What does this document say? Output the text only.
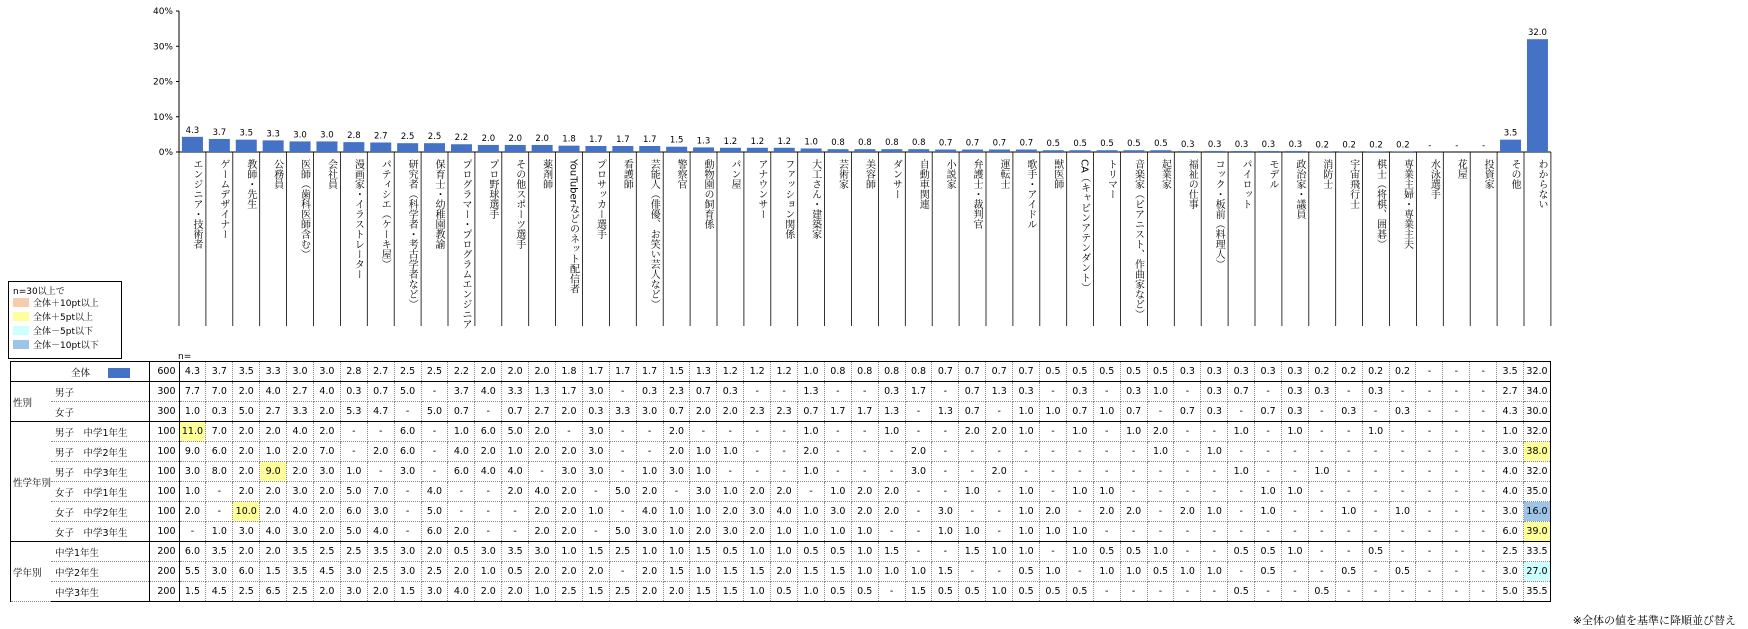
0%
10%
20%
30%
40%
4.3
エンジニア・技術者
3.7
ゲームデザイナー
3.5
教師・先生
3.3
公務員
3.0
医師（歯科医師含む）
3.0
会社員
2.8
漫画家・イラストレーター
2.7
パティシエ（ケーキ屋）
2.5
研究者（科学者・考古学者など）
2.5
保育士・幼稚園教諭
2.2
プログラマー・プログラムエンジニア
2.0
プロ野球選手
2.0
その他スポーツ選手
2.0
薬剤師
1.8
YouTuberなどのネット配信者
1.7
プロサッカー選手
1.7
看護師
1.7
芸能人（俳優、お笑い芸人など）
1.5
警察官
1.3
動物園の飼育係
1.2
パン屋
1.2
アナウンサー
1.2
ファッション関係
1.0
大工さん・建築家
0.8
芸術家
0.8
美容師
0.8
ダンサー
0.8
自動車関連
0.7
小説家
0.7
弁護士・裁判官
0.7
運転士
0.7
歌手・アイドル
0.5
獣医師
0.5
CA（キャビンアテンダント）
0.5
トリマー
0.5
音楽家（ピアニスト、作曲家など）
0.5
起業家
0.3
福祉の仕事
0.3
コック・板前（料理人）
0.3
パイロット
0.3
モデル
0.3
政治家・議員
0.2
消防士
0.2
宇宙飛行士
0.2
棋士（将棋、囲碁）
0.2
専業主婦・専業主夫
-
水泳選手
-
花屋
-
投資家
3.5
その他
32.0
わからない
n=30以上で
全体＋10pt以上
全体＋5pt以上
全体－5pt以下
全体－10pt以下
n=
全体		600	4.3	3.7	3.5	3.3	3.0	3.0	2.8	2.7	2.5	2.5	2.2	2.0	2.0	2.0	1.8	1.7	1.7	1.7	1.5	1.3	1.2	1.2	1.2	1.0	0.8	0.8	0.8	0.8	0.7	0.7	0.7	0.7	0.5	0.5	0.5	0.5	0.5	0.3	0.3	0.3	0.3	0.3	0.2	0.2	0.2	0.2	-	-	-	3.5	32.0
性別	男子	300	7.7	7.0	2.0	4.0	2.7	4.0	0.3	0.7	5.0	-	3.7	4.0	3.3	1.3	1.7	3.0	-	0.3	2.3	0.7	0.3	-	-	1.3	-	-	0.3	1.7	-	0.7	1.3	0.3	-	0.3	-	0.3	1.0	-	0.3	0.7	-	0.3	0.3	-	0.3	-	-	-	-	2.7	34.0
	女子	300	1.0	0.3	5.0	2.7	3.3	2.0	5.3	4.7	-	5.0	0.7	-	0.7	2.7	2.0	0.3	3.3	3.0	0.7	2.0	2.0	2.3	2.3	0.7	1.7	1.7	1.3	-	1.3	0.7	-	1.0	1.0	0.7	1.0	0.7	-	0.7	0.3	-	0.7	0.3	-	0.3	-	0.3	-	-	-	4.3	30.0
性学年別	男子　中学1年生	100	11.0	7.0	2.0	2.0	4.0	2.0	-	-	6.0	-	1.0	6.0	5.0	2.0	-	3.0	-	-	2.0	-	-	-	-	1.0	-	-	1.0	-	-	2.0	2.0	1.0	-	1.0	-	1.0	2.0	-	-	1.0	-	1.0	-	-	1.0	-	-	-	-	1.0	32.0
	男子　中学2年生	100	9.0	6.0	2.0	1.0	2.0	7.0	-	2.0	6.0	-	4.0	2.0	1.0	2.0	2.0	3.0	-	-	2.0	1.0	1.0	-	-	2.0	-	-	-	2.0	-	-	-	-	-	-	-	-	1.0	-	1.0	-	-	-	-	-	-	-	-	-	-	3.0	38.0
	男子　中学3年生	100	3.0	8.0	2.0	9.0	2.0	3.0	1.0	-	3.0	-	6.0	4.0	4.0	-	3.0	3.0	-	1.0	3.0	1.0	-	-	-	1.0	-	-	-	3.0	-	-	2.0	-	-	-	-	-	-	-	-	1.0	-	-	1.0	-	-	-	-	-	-	4.0	32.0
	女子　中学1年生	100	1.0	-	2.0	2.0	3.0	2.0	5.0	7.0	-	4.0	-	-	2.0	4.0	2.0	-	5.0	2.0	-	3.0	1.0	2.0	2.0	-	1.0	2.0	2.0	-	-	1.0	-	1.0	-	1.0	1.0	-	-	-	-	-	1.0	1.0	-	-	-	-	-	-	-	4.0	35.0
	女子　中学2年生	100	2.0	-	10.0	2.0	4.0	2.0	6.0	3.0	-	5.0	-	-	-	2.0	2.0	1.0	-	4.0	1.0	1.0	2.0	3.0	4.0	1.0	3.0	2.0	2.0	-	3.0	-	-	1.0	2.0	-	2.0	2.0	-	2.0	1.0	-	1.0	-	-	1.0	-	1.0	-	-	-	3.0	16.0
	女子　中学3年生	100	-	1.0	3.0	4.0	3.0	2.0	5.0	4.0	-	6.0	2.0	-	-	2.0	2.0	-	5.0	3.0	1.0	2.0	3.0	2.0	1.0	1.0	1.0	1.0	-	-	1.0	1.0	-	1.0	1.0	1.0	-	-	-	-	-	-	-	-	-	-	-	-	-	-	-	6.0	39.0
学年別	中学1年生	200	6.0	3.5	2.0	2.0	3.5	2.5	2.5	3.5	3.0	2.0	0.5	3.0	3.5	3.0	1.0	1.5	2.5	1.0	1.0	1.5	0.5	1.0	1.0	0.5	0.5	1.0	1.5	-	-	1.5	1.0	1.0	-	1.0	0.5	0.5	1.0	-	-	0.5	0.5	1.0	-	-	0.5	-	-	-	-	2.5	33.5
	中学2年生	200	5.5	3.0	6.0	1.5	3.5	4.5	3.0	2.5	3.0	2.5	2.0	1.0	0.5	2.0	2.0	2.0	-	2.0	1.5	1.0	1.5	1.5	2.0	1.5	1.5	1.0	1.0	1.0	1.5	-	-	0.5	1.0	-	1.0	1.0	0.5	1.0	1.0	-	0.5	-	-	0.5	-	0.5	-	-	-	3.0	27.0
	中学3年生	200	1.5	4.5	2.5	6.5	2.5	2.0	3.0	2.0	1.5	3.0	4.0	2.0	2.0	1.0	2.5	1.5	2.5	2.0	2.0	1.5	1.5	1.0	0.5	1.0	0.5	0.5	-	1.5	0.5	0.5	1.0	0.5	0.5	0.5	-	-	-	-	-	0.5	-	-	0.5	-	-	-	-	-	-	5.0	35.5
※全体の値を基準に降順並び替え
